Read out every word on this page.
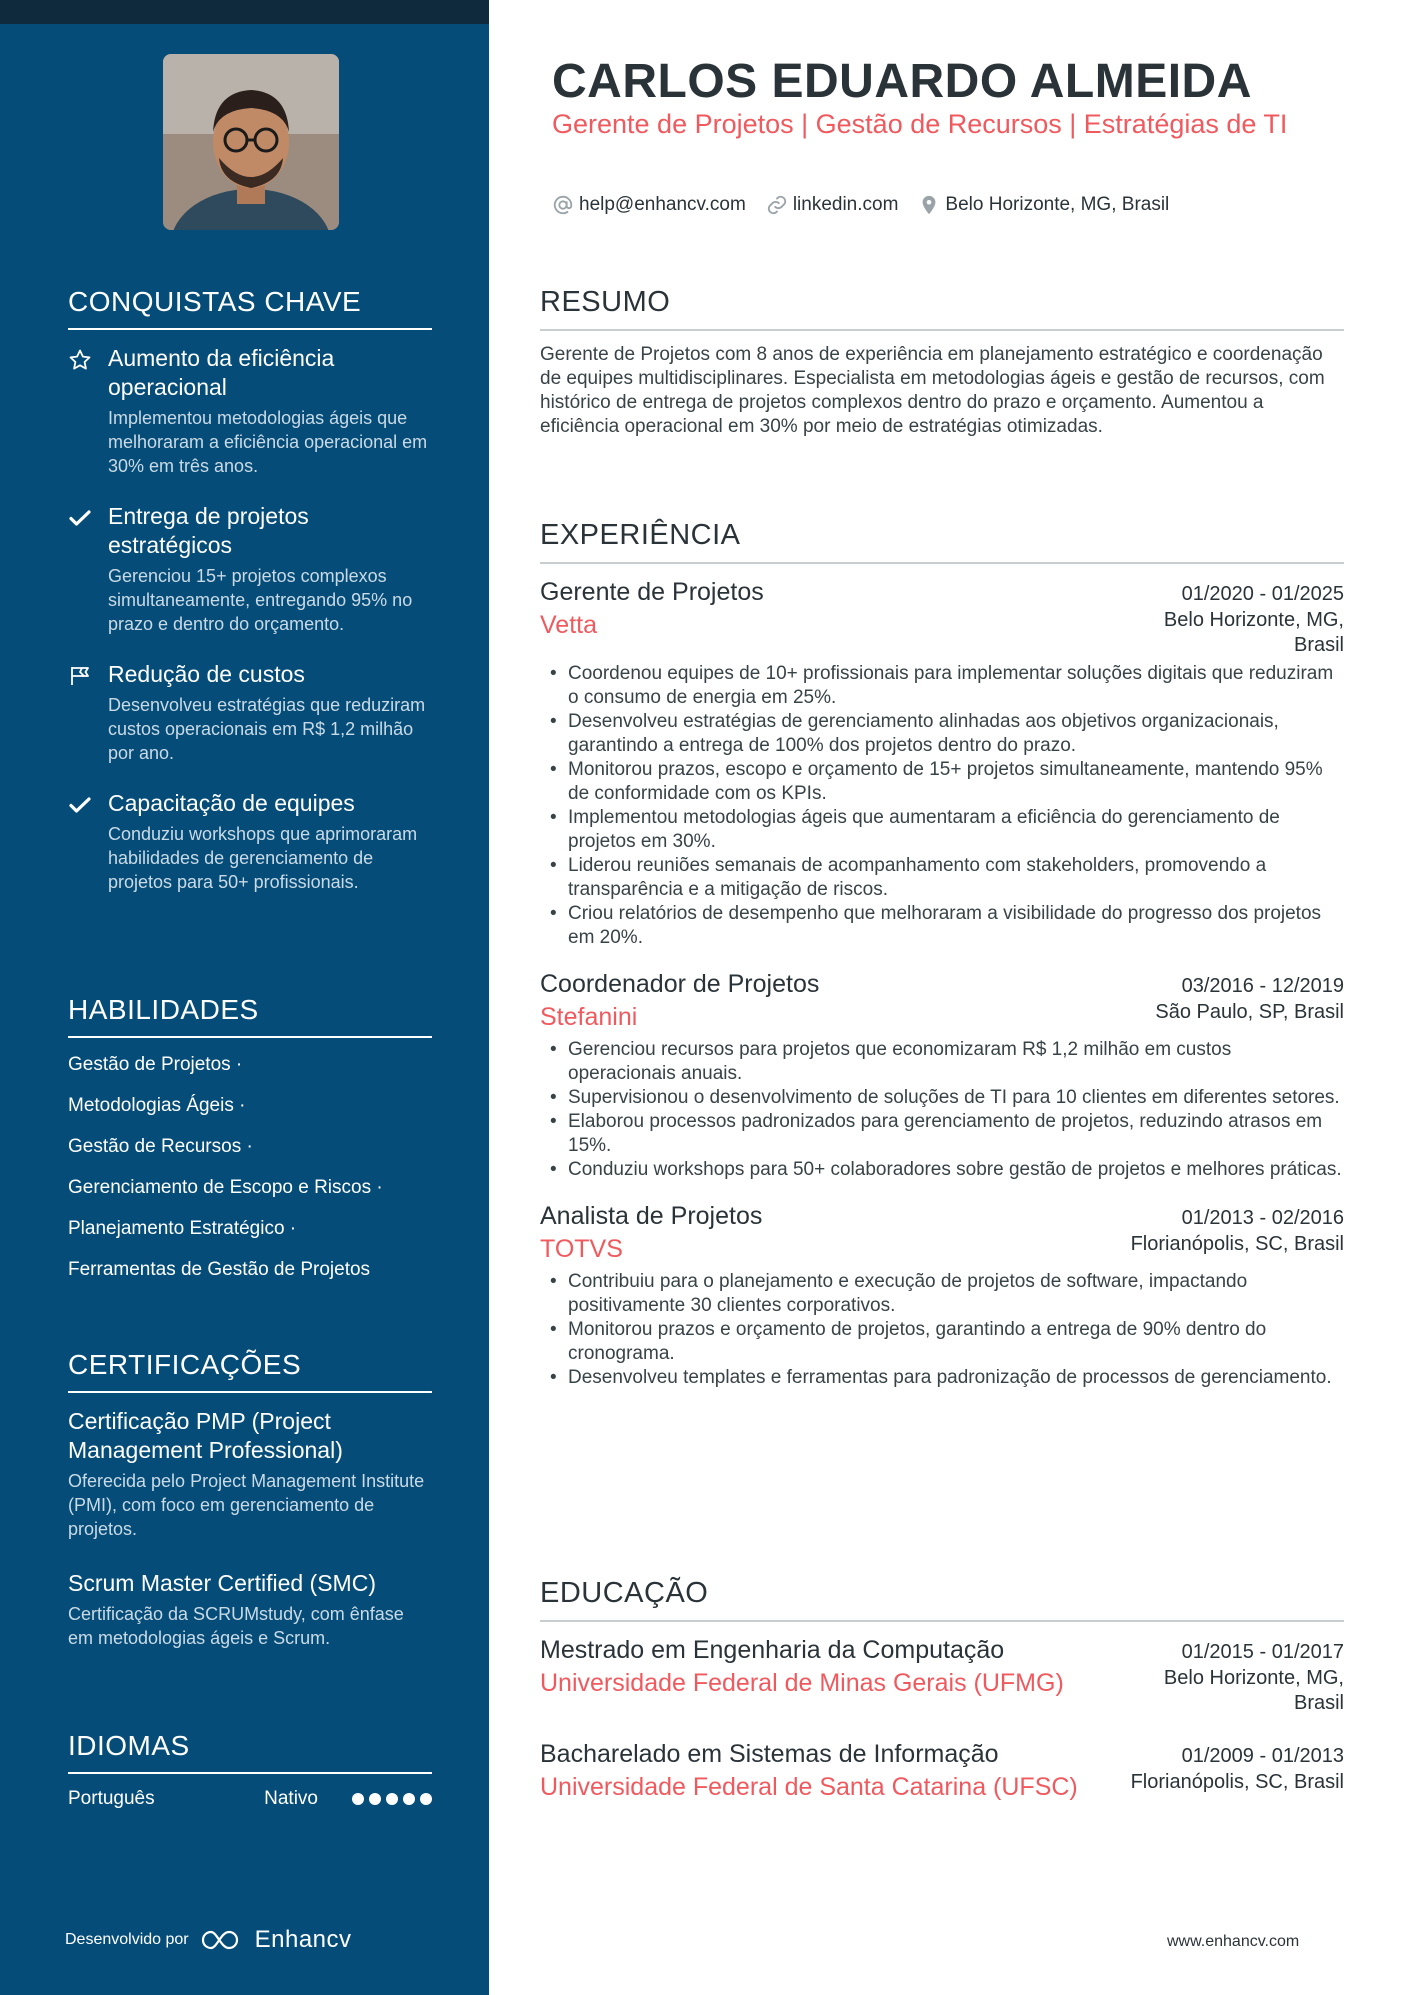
CONQUISTAS CHAVE
Aumento da eficiência operacional
Implementou metodologias ágeis que melhoraram a eficiência operacional em 30% em três anos.
Entrega de projetos estratégicos
Gerenciou 15+ projetos complexos simultaneamente, entregando 95% no prazo e dentro do orçamento.
Redução de custos
Desenvolveu estratégias que reduziram custos operacionais em R$ 1,2 milhão por ano.
Capacitação de equipes
Conduziu workshops que aprimoraram habilidades de gerenciamento de projetos para 50+ profissionais.
HABILIDADES
Gestão de Projetos ·
Metodologias Ágeis ·
Gestão de Recursos ·
Gerenciamento de Escopo e Riscos ·
Planejamento Estratégico ·
Ferramentas de Gestão de Projetos
CERTIFICAÇÕES
Certificação PMP (Project Management Professional)
Oferecida pelo Project Management Institute (PMI), com foco em gerenciamento de projetos.
Scrum Master Certified (SMC)
Certificação da SCRUMstudy, com ênfase em metodologias ágeis e Scrum.
IDIOMAS
Português	Nativo
Desenvolvido por	Enhancv
CARLOS EDUARDO ALMEIDA
Gerente de Projetos | Gestão de Recursos | Estratégias de TI
help@enhancv.com linkedin.com Belo Horizonte, MG, Brasil
RESUMO
Gerente de Projetos com 8 anos de experiência em planejamento estratégico e coordenação de equipes multidisciplinares. Especialista em metodologias ágeis e gestão de recursos, com histórico de entrega de projetos complexos dentro do prazo e orçamento. Aumentou a eficiência operacional em 30% por meio de estratégias otimizadas.
EXPERIÊNCIA
Gerente de Projetos	01/2020 - 01/2025
Vetta	Belo Horizonte, MG, Brasil
• Coordenou equipes de 10+ profissionais para implementar soluções digitais que reduziram o consumo de energia em 25%.
• Desenvolveu estratégias de gerenciamento alinhadas aos objetivos organizacionais, garantindo a entrega de 100% dos projetos dentro do prazo.
• Monitorou prazos, escopo e orçamento de 15+ projetos simultaneamente, mantendo 95% de conformidade com os KPIs.
• Implementou metodologias ágeis que aumentaram a eficiência do gerenciamento de projetos em 30%.
• Liderou reuniões semanais de acompanhamento com stakeholders, promovendo a transparência e a mitigação de riscos.
• Criou relatórios de desempenho que melhoraram a visibilidade do progresso dos projetos em 20%.
Coordenador de Projetos	03/2016 - 12/2019
Stefanini	São Paulo, SP, Brasil
• Gerenciou recursos para projetos que economizaram R$ 1,2 milhão em custos operacionais anuais.
• Supervisionou o desenvolvimento de soluções de TI para 10 clientes em diferentes setores.
• Elaborou processos padronizados para gerenciamento de projetos, reduzindo atrasos em 15%.
• Conduziu workshops para 50+ colaboradores sobre gestão de projetos e melhores práticas.
Analista de Projetos	01/2013 - 02/2016
TOTVS	Florianópolis, SC, Brasil
• Contribuiu para o planejamento e execução de projetos de software, impactando positivamente 30 clientes corporativos.
• Monitorou prazos e orçamento de projetos, garantindo a entrega de 90% dentro do cronograma.
• Desenvolveu templates e ferramentas para padronização de processos de gerenciamento.
EDUCAÇÃO
Mestrado em Engenharia da Computação	01/2015 - 01/2017
Universidade Federal de Minas Gerais (UFMG)	Belo Horizonte, MG, Brasil
Bacharelado em Sistemas de Informação	01/2009 - 01/2013
Universidade Federal de Santa Catarina (UFSC)	Florianópolis, SC, Brasil
www.enhancv.com
